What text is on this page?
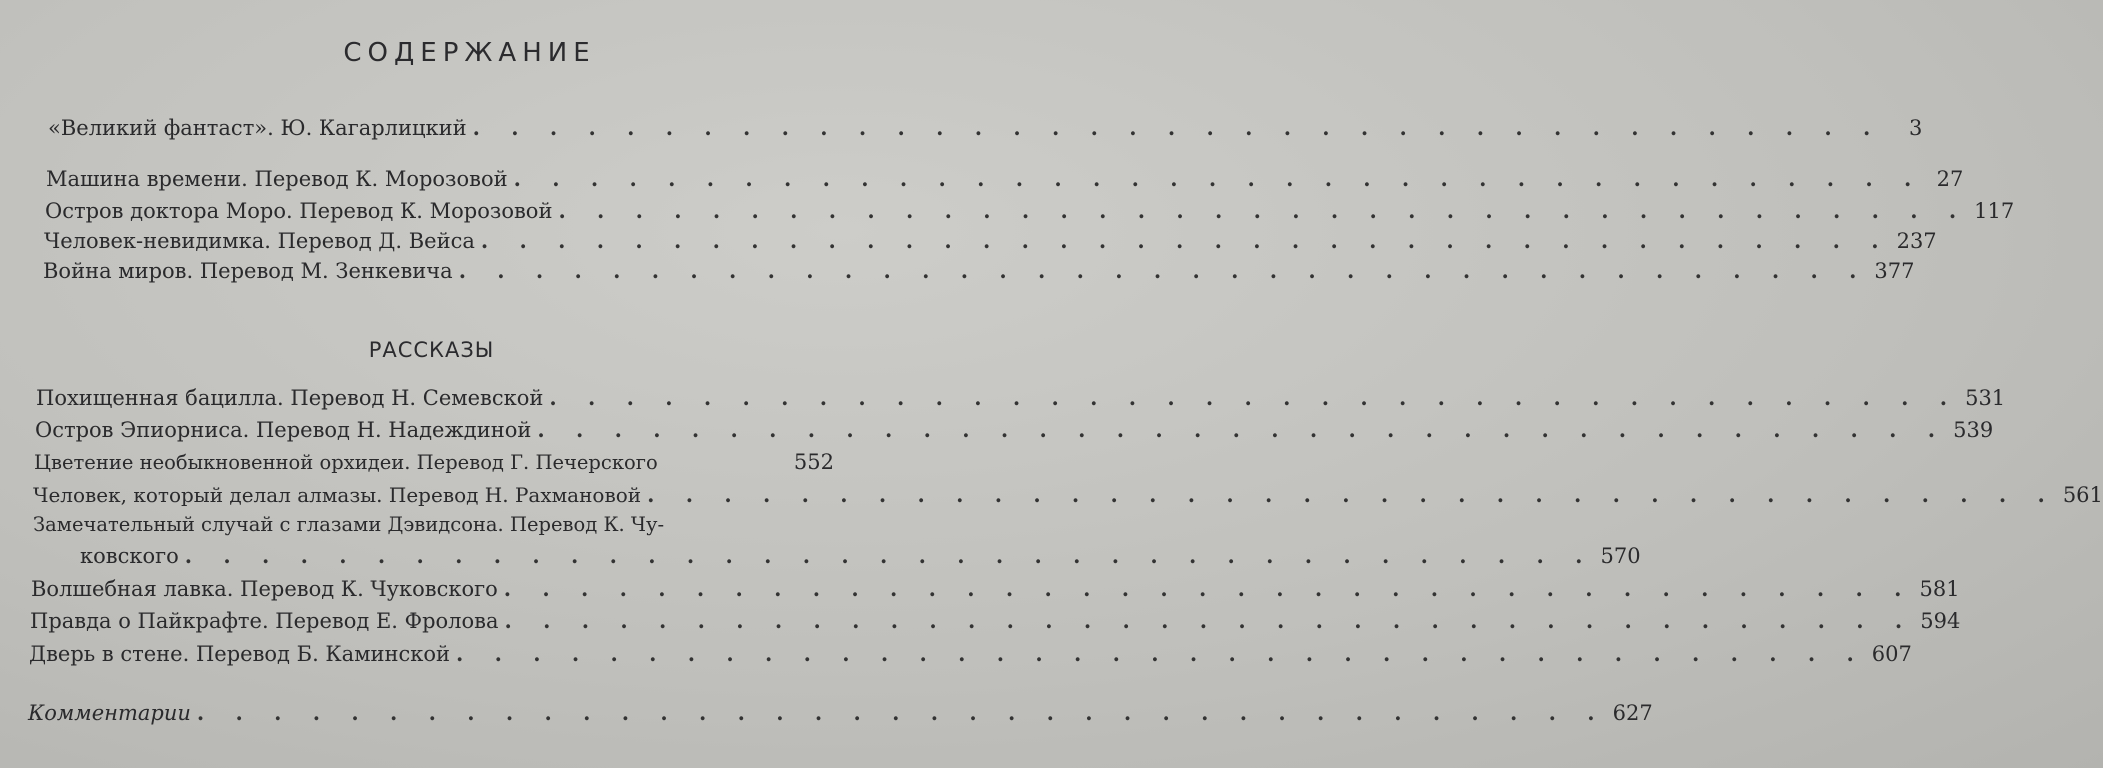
СОДЕРЖАНИЕ
«Великий фантаст». Ю. Кагарлицкий . . . . . . . . . . . . . . . . . . . . . . . . . . . . . . . . . . . . .	3
Машина времени. Перевод К. Морозовой . . . . . . . . . . . . . . . . . . . . . . . . . . . . . . . . . . . . . 27
Остров доктора Моро. Перевод К. Морозовой . . . . . . . . . . . . . . . . . . . . . . . . . . . . . . . . . . . . . 117
Человек-невидимка. Перевод Д. Вейса . . . . . . . . . . . . . . . . . . . . . . . . . . . . . . . . . . . . . 237
Война миров. Перевод М. Зенкевича . . . . . . . . . . . . . . . . . . . . . . . . . . . . . . . . . . . . . 377
РАССКАЗЫ
Похищенная бацилла. Перевод Н. Семевской . . . . . . . . . . . . . . . . . . . . . . . . . . . . . . . . . . . . . 531
Остров Эпиорниса. Перевод Н. Надеждиной . . . . . . . . . . . . . . . . . . . . . . . . . . . . . . . . . . . . . 539
Цветение необыкновенной орхидеи. Перевод Г. Печерского	552
Человек, который делал алмазы. Перевод Н. Рахмановой . . . . . . . . . . . . . . . . . . . . . . . . . . . . . . . . . . . . . 561
Замечательный случай с глазами Дэвидсона. Перевод К. Чу-
ковского . . . . . . . . . . . . . . . . . . . . . . . . . . . . . . . . . . . . . 570
Волшебная лавка. Перевод К. Чуковского . . . . . . . . . . . . . . . . . . . . . . . . . . . . . . . . . . . . . 581
Правда о Пайкрафте. Перевод Е. Фролова . . . . . . . . . . . . . . . . . . . . . . . . . . . . . . . . . . . . . 594
Дверь в стене. Перевод Б. Каминской . . . . . . . . . . . . . . . . . . . . . . . . . . . . . . . . . . . . . 607
Комментарии . . . . . . . . . . . . . . . . . . . . . . . . . . . . . . . . . . . . . 627
